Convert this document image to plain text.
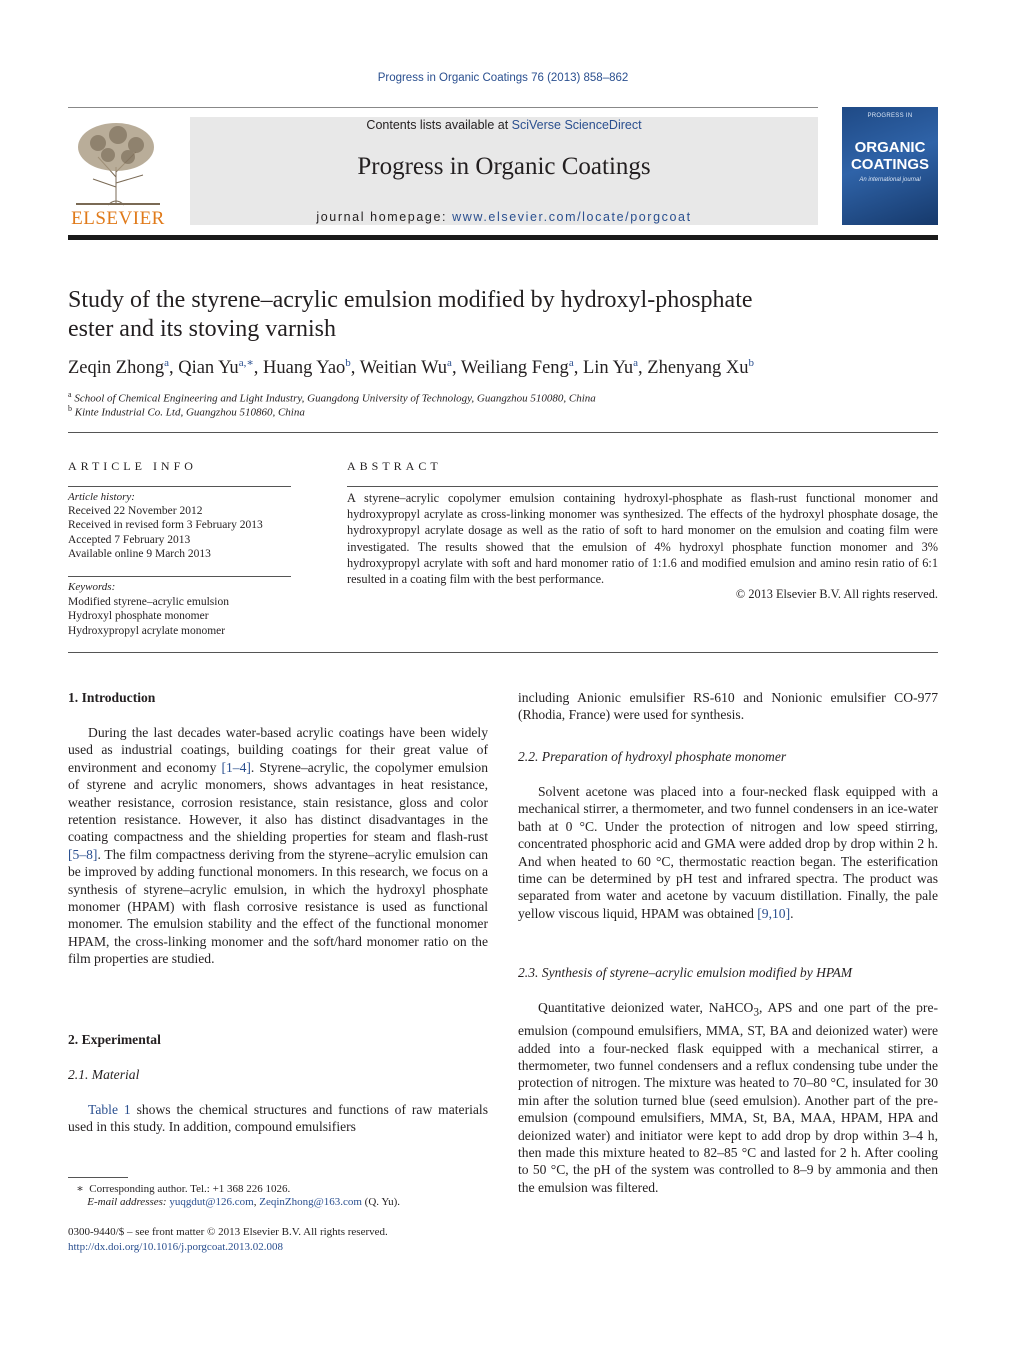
Progress in Organic Coatings 76 (2013) 858–862
ELSEVIER
Contents lists available at SciVerse ScienceDirect
Progress in Organic Coatings
journal homepage: www.elsevier.com/locate/porgcoat
PROGRESS IN
ORGANIC
COATINGS
An international journal
Study of the styrene–acrylic emulsion modified by hydroxyl-phosphate
ester and its stoving varnish
Zeqin Zhong$^a$, Qian $Yu^{a,∗}$, Huang Yao$^b$, Weitian Wu$^a$, Weiliang Feng$^a$, Lin Yu$^a$, Zhenyang Xu$^b$
$^a$ School of Chemical Engineering and Light Industry, Guangdong University of Technology, Guangzhou 510080, China
$^b$ Kinte Industrial Co. Ltd, Guangzhou 510860, China
ARTICLE INFO
Article history:
Received 22 November 2012
Received in revised form 3 February 2013
Accepted 7 February 2013
Available online 9 March 2013
Keywords:
Modified styrene–acrylic emulsion
Hydroxyl phosphate monomer
Hydroxypropyl acrylate monomer
ABSTRACT
A styrene–acrylic copolymer emulsion containing hydroxyl-phosphate as flash-rust functional monomer and hydroxypropyl acrylate as cross-linking monomer was synthesized. The effects of the hydroxyl phosphate dosage, the hydroxypropyl acrylate dosage as well as the ratio of soft to hard monomer on the emulsion and coating film were investigated. The results showed that the emulsion of 4% hydroxyl phosphate function monomer and 3% hydroxypropyl acrylate with soft and hard monomer ratio of 1:1.6 and modified emulsion and amino resin ratio of 6:1 resulted in a coating film with the best performance.
© 2013 Elsevier B.V. All rights reserved.
1. Introduction
During the last decades water-based acrylic coatings have been widely used as industrial coatings, building coatings for their great value of environment and economy [1–4]. Styrene–acrylic, the copolymer emulsion of styrene and acrylic monomers, shows advantages in heat resistance, weather resistance, corrosion resistance, stain resistance, gloss and color retention resistance. However, it also has distinct disadvantages in the coating compactness and the shielding properties for steam and flash-rust [5–8]. The film compactness deriving from the styrene–acrylic emulsion can be improved by adding functional monomers. In this research, we focus on a synthesis of styrene–acrylic emulsion, in which the hydroxyl phosphate monomer (HPAM) with flash corrosive resistance is used as functional monomer. The emulsion stability and the effect of the functional monomer HPAM, the cross-linking monomer and the soft/hard monomer ratio on the film properties are studied.
2. Experimental
2.1. Material
Table 1 shows the chemical structures and functions of raw materials used in this study. In addition, compound emulsifiers
including Anionic emulsifier RS-610 and Nonionic emulsifier CO-977 (Rhodia, France) were used for synthesis.
2.2. Preparation of hydroxyl phosphate monomer
Solvent acetone was placed into a four-necked flask equipped with a mechanical stirrer, a thermometer, and two funnel condensers in an ice-water bath at 0 °C. Under the protection of nitrogen and low speed stirring, concentrated phosphoric acid and GMA were added drop by drop within 2 h. And when heated to 60 °C, thermostatic reaction began. The esterification time can be determined by pH test and infrared spectra. The product was separated from water and acetone by vacuum distillation. Finally, the pale yellow viscous liquid, HPAM was obtained [9,10].
2.3. Synthesis of styrene–acrylic emulsion modified by HPAM
Quantitative deionized water, NaHCO$_3$, APS and one part of the pre-emulsion (compound emulsifiers, MMA, ST, BA and deionized water) were added into a four-necked flask equipped with a mechanical stirrer, a thermometer, two funnel condensers and a reflux condensing tube under the protection of nitrogen. The mixture was heated to 70–80 °C, insulated for 30 min after the solution turned blue (seed emulsion). Another part of the pre-emulsion (compound emulsifiers, MMA, St, BA, MAA, HPAM, HPA and deionized water) and initiator were kept to add drop by drop within 3–4 h, then made this mixture heated to 82–85 °C and lasted for 2 h. After cooling to 50 °C, the pH of the system was controlled to 8–9 by ammonia and then the emulsion was filtered.
∗ Corresponding author. Tel.: +1 368 226 1026.
E-mail addresses: yuqgdut@126.com, ZeqinZhong@163.com (Q. Yu).
0300-9440/$ – see front matter © 2013 Elsevier B.V. All rights reserved.
http://dx.doi.org/10.1016/j.porgcoat.2013.02.008
